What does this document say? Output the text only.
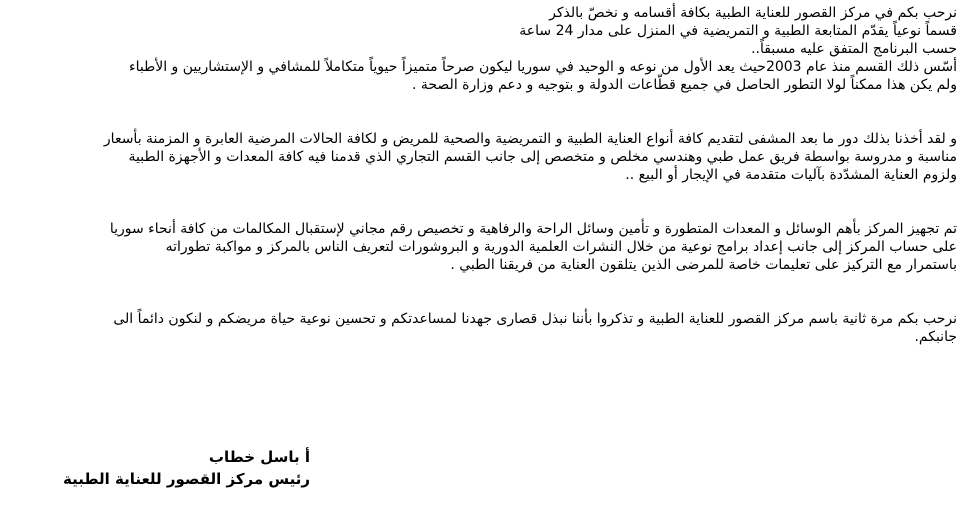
نرحب بكم في مركز القصور للعناية الطبية بكافة أقسامه و نخصّ بالذكر
قسماً نوعياً يقدّم المتابعة الطبية و التمريضية في المنزل على مدار 24 ساعة
حسب البرنامج المتفق عليه مسبقاً..
أسّس ذلك القسم منذ عام 2003حيث يعد الأول من نوعه و الوحيد في سوريا ليكون صرحاً متميزاً حيوياً متكاملاً للمشافي و الإستشاريين و الأطباء
ولم يكن هذا ممكناً لولا التطور الحاصل في جميع قطّاعات الدولة و بتوجيه و دعم وزارة الصحة .
و لقد أخذنا بذلك دور ما بعد المشفى لتقديم كافة أنواع العناية الطبية و التمريضية والصحية للمريض و لكافة الحالات المرضية العابرة و المزمنة بأسعار
مناسبة و مدروسة بواسطة فريق عمل طبي وهندسي مخلص و متخصص إلى جانب القسم التجاري الذي قدمنا فيه كافة المعدات و الأجهزة الطبية
ولزوم العناية المشدّدة بآليات متقدمة في الإيجار أو البيع ..
تم تجهيز المركز بأهم الوسائل و المعدات المتطورة و تأمين وسائل الراحة والرفاهية و تخصيص رقم مجاني لإستقبال المكالمات من كافة أنحاء سوريا
على حساب المركز إلى جانب إعداد برامج نوعية من خلال النشرات العلمية الدورية و البروشورات لتعريف الناس بالمركز و مواكبة تطوراته
باستمرار مع التركيز على تعليمات خاصة للمرضى الذين يتلقون العناية من فريقنا الطبي .
نرحب بكم مرة ثانية باسم مركز القصور للعناية الطبية و تذكروا بأننا نبذل قصارى جهدنا لمساعدتكم و تحسين نوعية حياة مريضكم و لنكون دائماً الى
جانبكم.
أ باسل خطاب
رئيس مركز القصور للعناية الطبية
